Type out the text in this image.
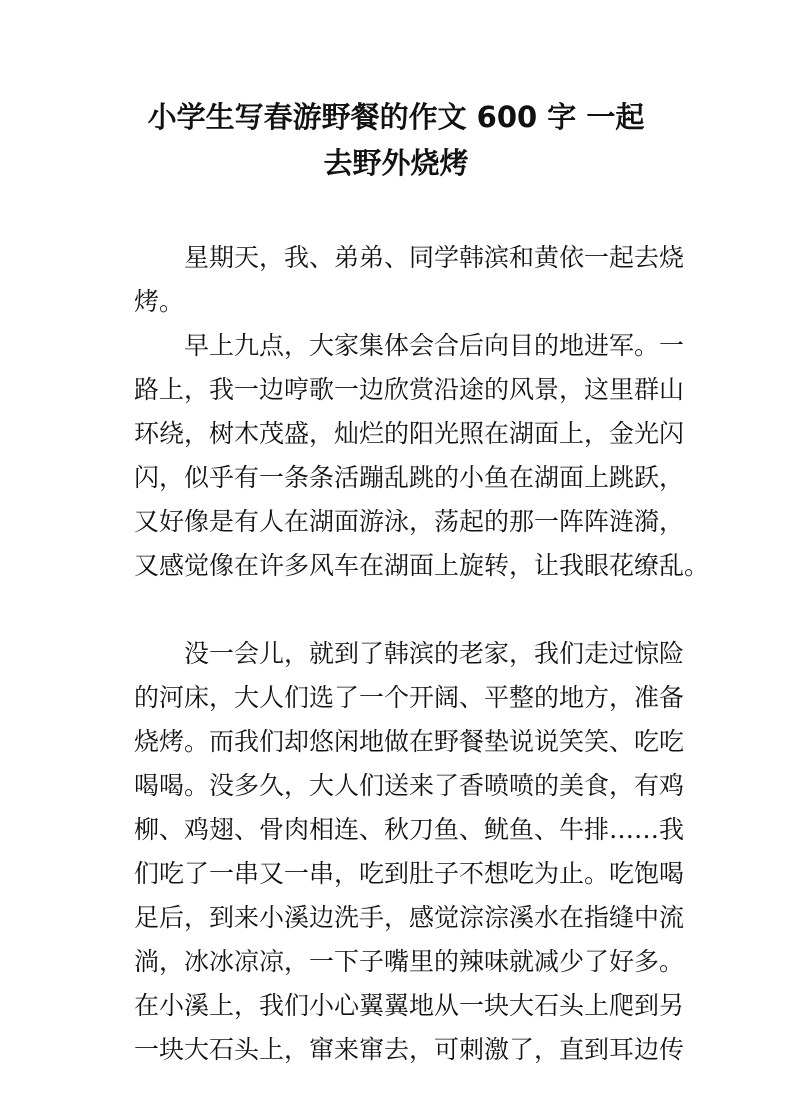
小学生写春游野餐的作文 600 字 一起
去野外烧烤

星期天，我、弟弟、同学韩滨和黄依一起去烧
烤。

早上九点，大家集体会合后向目的地进军。一
路上，我一边哼歌一边欣赏沿途的风景，这里群山
环绕，树木茂盛，灿烂的阳光照在湖面上，金光闪
闪，似乎有一条条活蹦乱跳的小鱼在湖面上跳跃，
又好像是有人在湖面游泳，荡起的那一阵阵涟漪，
又感觉像在许多风车在湖面上旋转，让我眼花缭乱。

没一会儿，就到了韩滨的老家，我们走过惊险
的河床，大人们选了一个开阔、平整的地方，准备
烧烤。而我们却悠闲地做在野餐垫说说笑笑、吃吃
喝喝。没多久，大人们送来了香喷喷的美食，有鸡
柳、鸡翅、骨肉相连、秋刀鱼、鱿鱼、牛排……我
们吃了一串又一串，吃到肚子不想吃为止。吃饱喝
足后，到来小溪边洗手，感觉淙淙溪水在指缝中流
淌，冰冰凉凉，一下子嘴里的辣味就减少了好多。
在小溪上，我们小心翼翼地从一块大石头上爬到另
一块大石头上，窜来窜去，可刺激了，直到耳边传
